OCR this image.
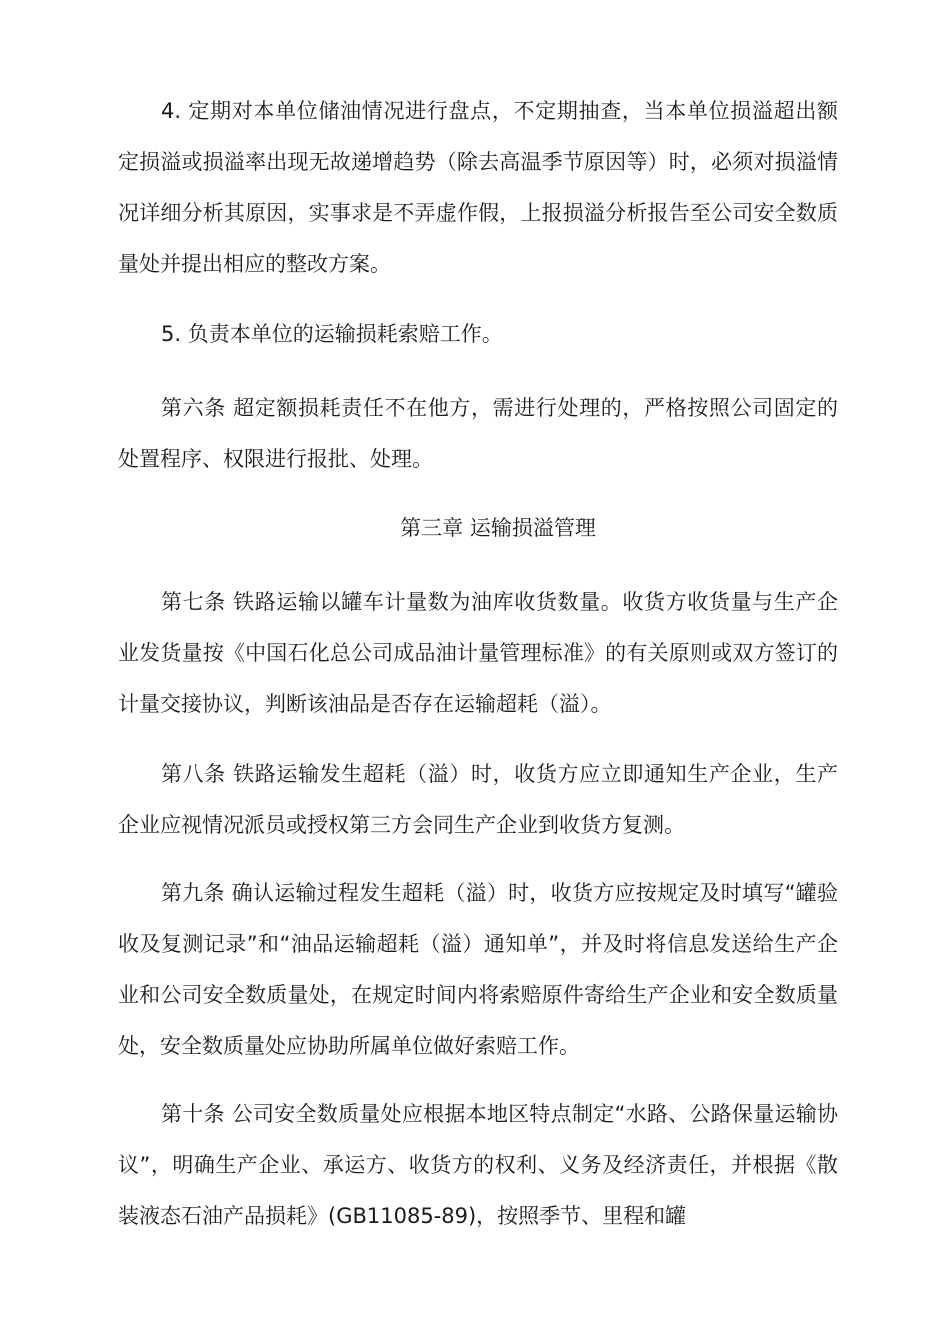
4. 定期对本单位储油情况进行盘点，不定期抽查，当本单位损溢超出额定损溢或损溢率出现无故递增趋势（除去高温季节原因等）时，必须对损溢情况详细分析其原因，实事求是不弄虚作假，上报损溢分析报告至公司安全数质量处并提出相应的整改方案。

5. 负责本单位的运输损耗索赔工作。

第六条 超定额损耗责任不在他方，需进行处理的，严格按照公司固定的处置程序、权限进行报批、处理。

第三章 运输损溢管理

第七条 铁路运输以罐车计量数为油库收货数量。收货方收货量与生产企业发货量按《中国石化总公司成品油计量管理标准》的有关原则或双方签订的计量交接协议，判断该油品是否存在运输超耗（溢）。

第八条 铁路运输发生超耗（溢）时，收货方应立即通知生产企业，生产企业应视情况派员或授权第三方会同生产企业到收货方复测。

第九条 确认运输过程发生超耗（溢）时，收货方应按规定及时填写“罐验收及复测记录”和“油品运输超耗（溢）通知单”，并及时将信息发送给生产企业和公司安全数质量处，在规定时间内将索赔原件寄给生产企业和安全数质量处，安全数质量处应协助所属单位做好索赔工作。

第十条 公司安全数质量处应根据本地区特点制定“水路、公路保量运输协议”，明确生产企业、承运方、收货方的权利、义务及经济责任，并根据《散装液态石油产品损耗》(GB11085-89)，按照季节、里程和罐
